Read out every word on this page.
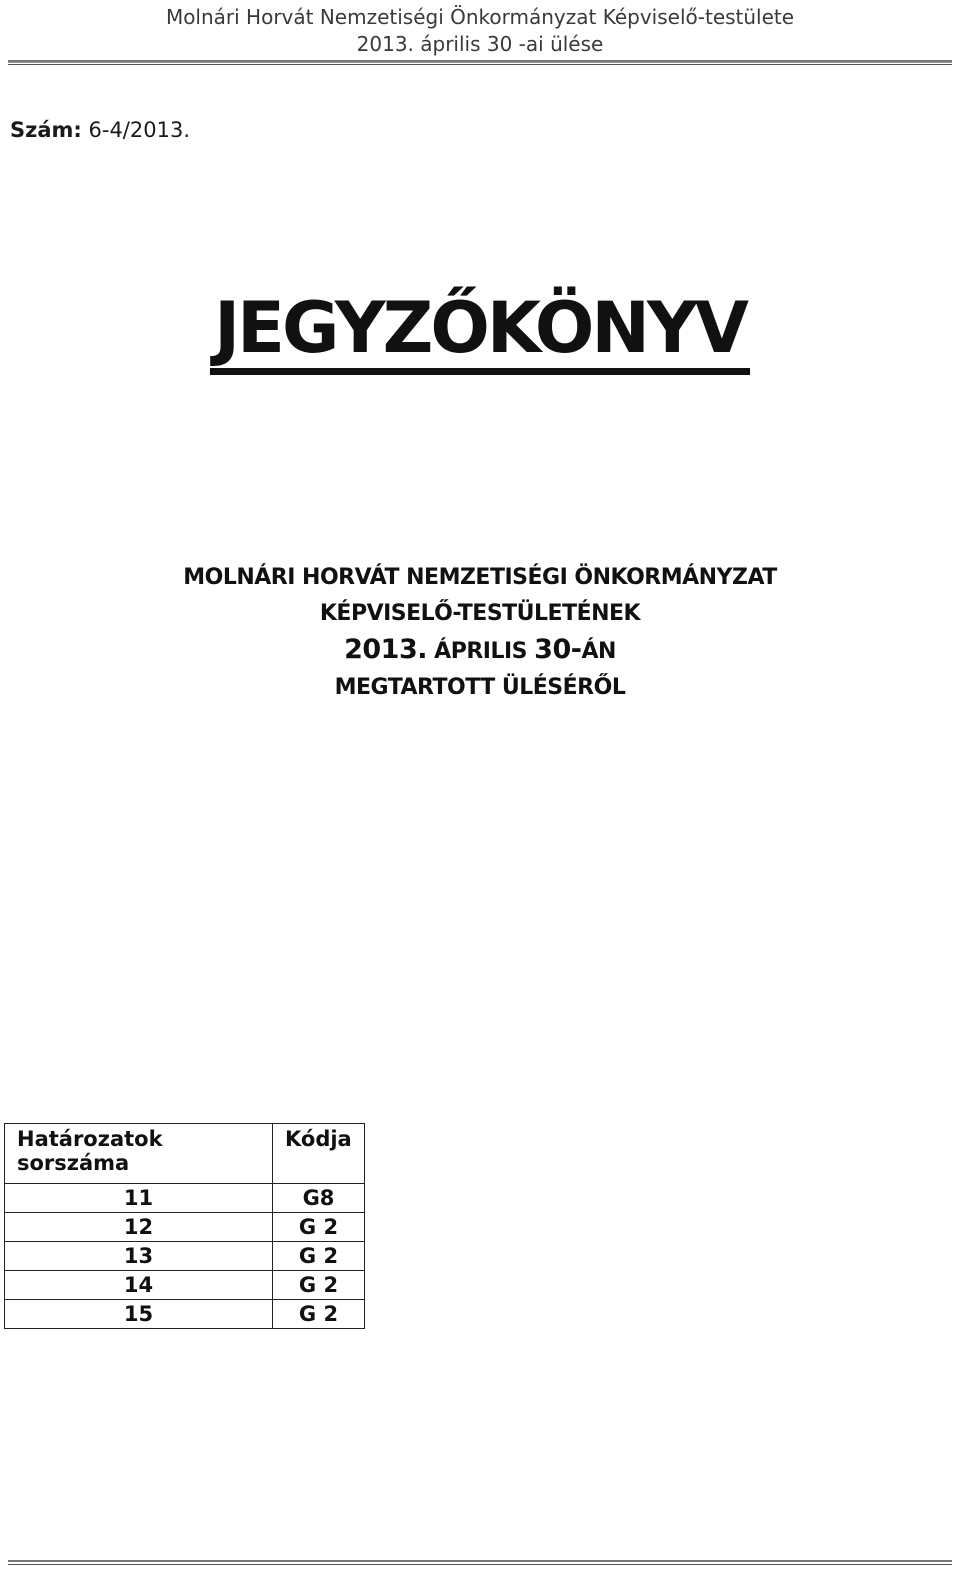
Molnári Horvát Nemzetiségi Önkormányzat Képviselő-testülete
2013. április 30 -ai ülése
Szám: 6-4/2013.
JEGYZŐKÖNYV
MOLNÁRI HORVÁT NEMZETISÉGI ÖNKORMÁNYZAT
KÉPVISELŐ-TESTÜLETÉNEK
2013. ÁPRILIS 30-ÁN
MEGTARTOTT ÜLÉSÉRŐL
Határozatok sorszáma	Kódja
11	G8
12	G 2
13	G 2
14	G 2
15	G 2
